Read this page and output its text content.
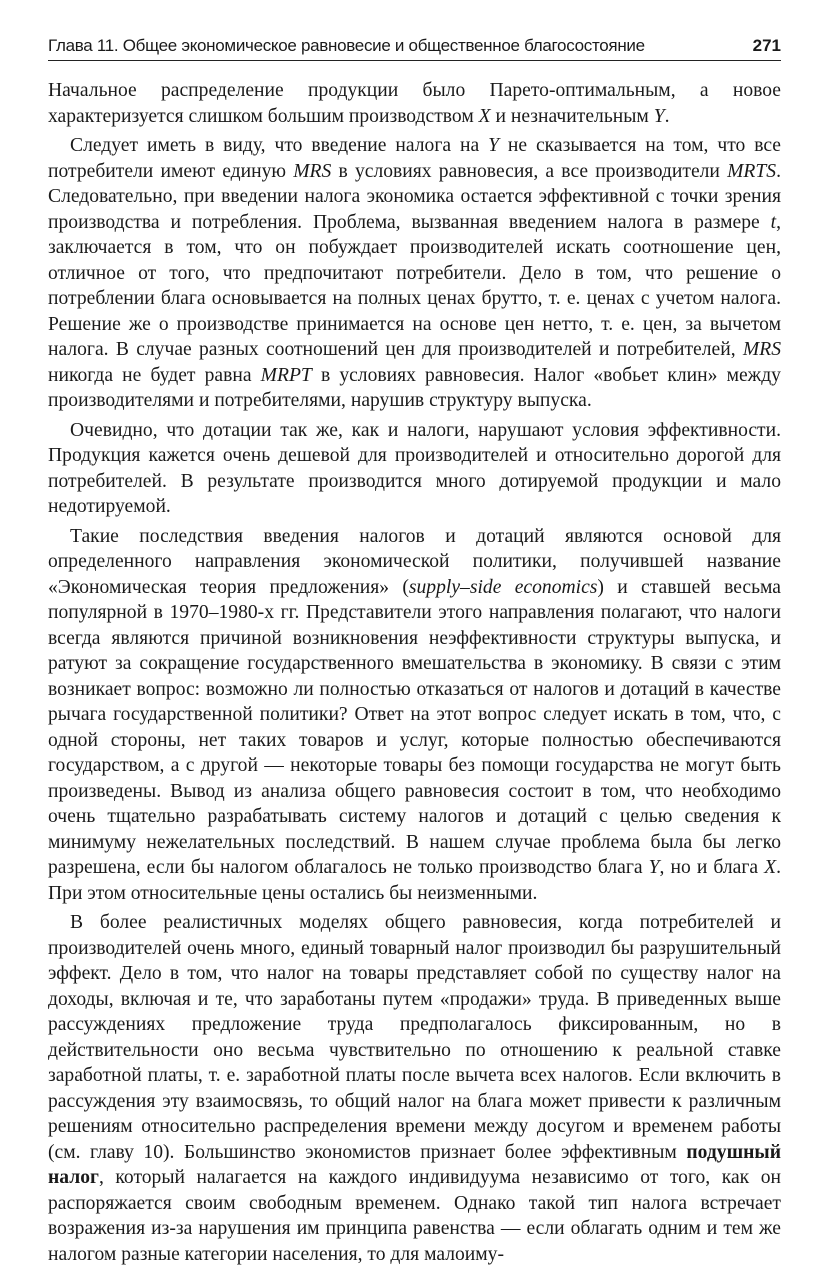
Глава 11. Общее экономическое равновесие и общественное благосостояние	271

Начальное распределение продукции было Парето-оптимальным, а новое характеризуется слишком большим производством X и незначительным Y.

Следует иметь в виду, что введение налога на Y не сказывается на том, что все потребители имеют единую MRS в условиях равновесия, а все производители MRTS. Следовательно, при введении налога экономика остается эффективной с точки зрения производства и потребления. Проблема, вызванная введением налога в размере t, заключается в том, что он побуждает производителей искать соотношение цен, отличное от того, что предпочитают потребители. Дело в том, что решение о потреблении блага основывается на полных ценах брутто, т. е. ценах с учетом налога. Решение же о производстве принимается на основе цен нетто, т. е. цен, за вычетом налога. В случае разных соотношений цен для производителей и потребителей, MRS никогда не будет равна MRPT в условиях равновесия. Налог «вобьет клин» между производителями и потребителями, нарушив структуру выпуска.

Очевидно, что дотации так же, как и налоги, нарушают условия эффективности. Продукция кажется очень дешевой для производителей и относительно дорогой для потребителей. В результате производится много дотируемой продукции и мало недотируемой.

Такие последствия введения налогов и дотаций являются основой для определенного направления экономической политики, получившей название «Экономическая теория предложения» (supply–side economics) и ставшей весьма популярной в 1970–1980-х гг. Представители этого направления полагают, что налоги всегда являются причиной возникновения неэффективности структуры выпуска, и ратуют за сокращение государственного вмешательства в экономику. В связи с этим возникает вопрос: возможно ли полностью отказаться от налогов и дотаций в качестве рычага государственной политики? Ответ на этот вопрос следует искать в том, что, с одной стороны, нет таких товаров и услуг, которые полностью обеспечиваются государством, а с другой — некоторые товары без помощи государства не могут быть произведены. Вывод из анализа общего равновесия состоит в том, что необходимо очень тщательно разрабатывать систему налогов и дотаций с целью сведения к минимуму нежелательных последствий. В нашем случае проблема была бы легко разрешена, если бы налогом облагалось не только производство блага Y, но и блага X. При этом относительные цены остались бы неизменными.

В более реалистичных моделях общего равновесия, когда потребителей и производителей очень много, единый товарный налог производил бы разрушительный эффект. Дело в том, что налог на товары представляет собой по существу налог на доходы, включая и те, что заработаны путем «продажи» труда. В приведенных выше рассуждениях предложение труда предполагалось фиксированным, но в действительности оно весьма чувствительно по отношению к реальной ставке заработной платы, т. е. заработной платы после вычета всех налогов. Если включить в рассуждения эту взаимосвязь, то общий налог на блага может привести к различным решениям относительно распределения времени между досугом и временем работы (см. главу 10). Большинство экономистов признает более эффективным подушный налог, который налагается на каждого индивидуума независимо от того, как он распоряжается своим свободным временем. Однако такой тип налога встречает возражения из-за нарушения им принципа равенства — если облагать одним и тем же налогом разные категории населения, то для малоиму-
